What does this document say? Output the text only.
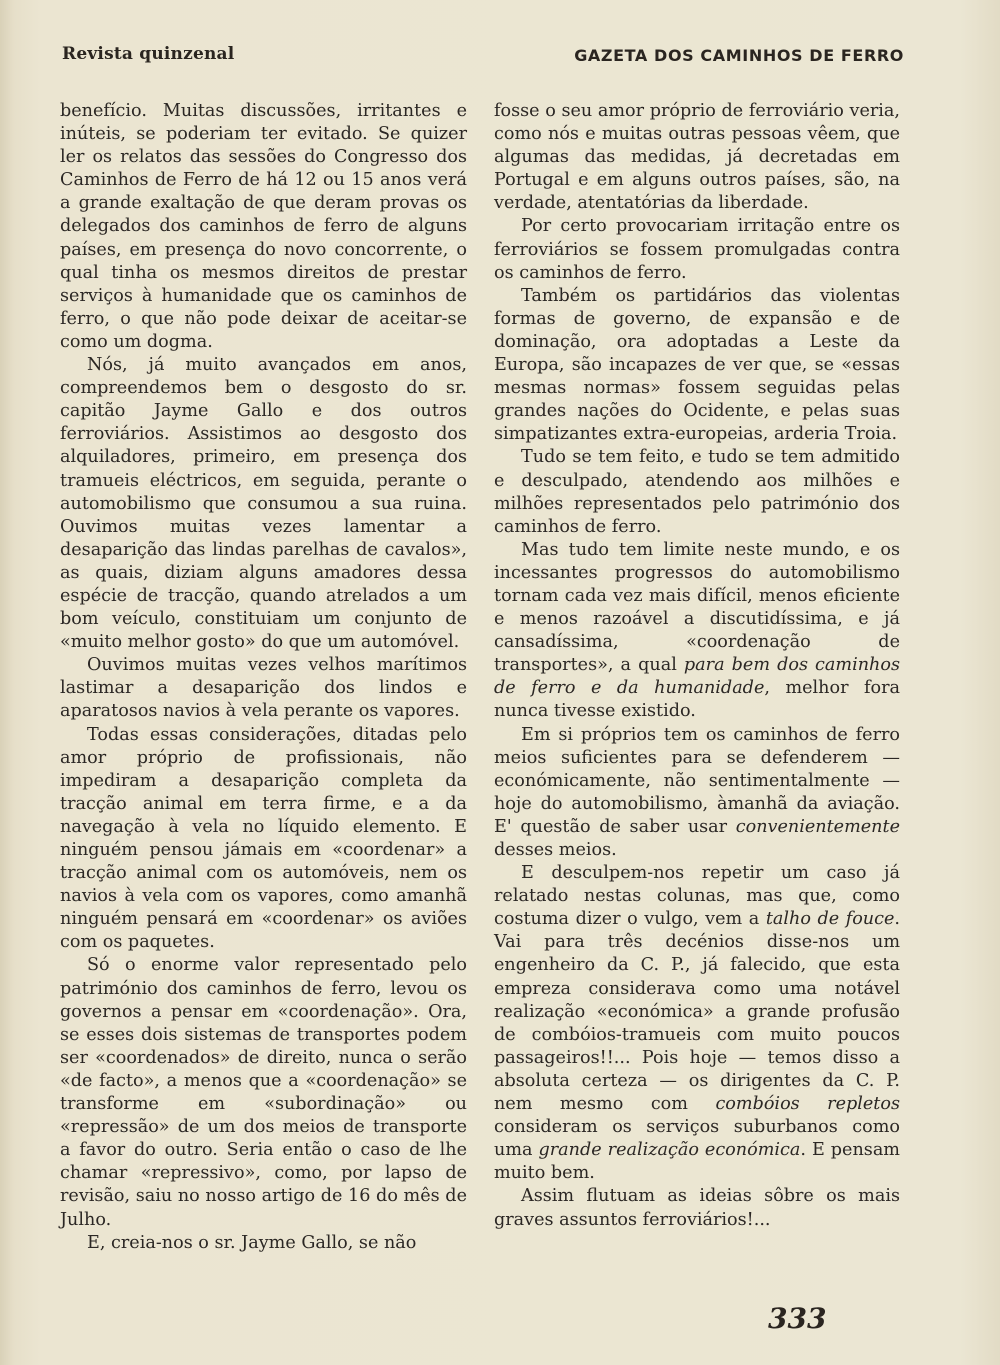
Revista quinzenal	GAZETA DOS CAMINHOS DE FERRO

benefício. Muitas discussões, irritantes e inúteis, se poderiam ter evitado. Se quizer ler os relatos das sessões do Congresso dos Caminhos de Ferro de há 12 ou 15 anos verá a grande exaltação de que deram provas os delegados dos caminhos de ferro de alguns países, em presença do novo concorrente, o qual tinha os mesmos direitos de prestar serviços à humanidade que os caminhos de ferro, o que não pode deixar de aceitar-se como um dogma.

Nós, já muito avançados em anos, compreendemos bem o desgosto do sr. capitão Jayme Gallo e dos outros ferroviários. Assistimos ao desgosto dos alquiladores, primeiro, em presença dos tramueis eléctricos, em seguida, perante o automobilismo que consumou a sua ruina. Ouvimos muitas vezes lamentar a desaparição das lindas parelhas de cavalos», as quais, diziam alguns amadores dessa espécie de tracção, quando atrelados a um bom veículo, constituiam um conjunto de «muito melhor gosto» do que um automóvel.

Ouvimos muitas vezes velhos marítimos lastimar a desaparição dos lindos e aparatosos navios à vela perante os vapores.

Todas essas considerações, ditadas pelo amor próprio de profissionais, não impediram a desaparição completa da tracção animal em terra firme, e a da navegação à vela no líquido elemento. E ninguém pensou jámais em «coordenar» a tracção animal com os automóveis, nem os navios à vela com os vapores, como amanhã ninguém pensará em «coordenar» os aviões com os paquetes.

Só o enorme valor representado pelo património dos caminhos de ferro, levou os governos a pensar em «coordenação». Ora, se esses dois sistemas de transportes podem ser «coordenados» de direito, nunca o serão «de facto», a menos que a «coordenação» se transforme em «subordinação» ou «repressão» de um dos meios de transporte a favor do outro. Seria então o caso de lhe chamar «repressivo», como, por lapso de revisão, saiu no nosso artigo de 16 do mês de Julho.

E, creia-nos o sr. Jayme Gallo, se não

fosse o seu amor próprio de ferroviário veria, como nós e muitas outras pessoas vêem, que algumas das medidas, já decretadas em Portugal e em alguns outros países, são, na verdade, atentatórias da liberdade.

Por certo provocariam irritação entre os ferroviários se fossem promulgadas contra os caminhos de ferro.

Também os partidários das violentas formas de governo, de expansão e de dominação, ora adoptadas a Leste da Europa, são incapazes de ver que, se «essas mesmas normas» fossem seguidas pelas grandes nações do Ocidente, e pelas suas simpatizantes extra-europeias, arderia Troia.

Tudo se tem feito, e tudo se tem admitido e desculpado, atendendo aos milhões e milhões representados pelo património dos caminhos de ferro.

Mas tudo tem limite neste mundo, e os incessantes progressos do automobilismo tornam cada vez mais difícil, menos eficiente e menos razoável a discutidíssima, e já cansadíssima, «coordenação de transportes», a qual para bem dos caminhos de ferro e da humanidade, melhor fora nunca tivesse existido.

Em si próprios tem os caminhos de ferro meios suficientes para se defenderem — económicamente, não sentimentalmente — hoje do automobilismo, àmanhã da aviação. E' questão de saber usar convenientemente desses meios.

E desculpem-nos repetir um caso já relatado nestas colunas, mas que, como costuma dizer o vulgo, vem a talho de fouce. Vai para três decénios disse-nos um engenheiro da C. P., já falecido, que esta empreza considerava como uma notável realização «económica» a grande profusão de combóios-tramueis com muito poucos passageiros!!... Pois hoje — temos disso a absoluta certeza — os dirigentes da C. P. nem mesmo com combóios repletos consideram os serviços suburbanos como uma grande realização económica. E pensam muito bem.

Assim flutuam as ideias sôbre os mais graves assuntos ferroviários!...

333
